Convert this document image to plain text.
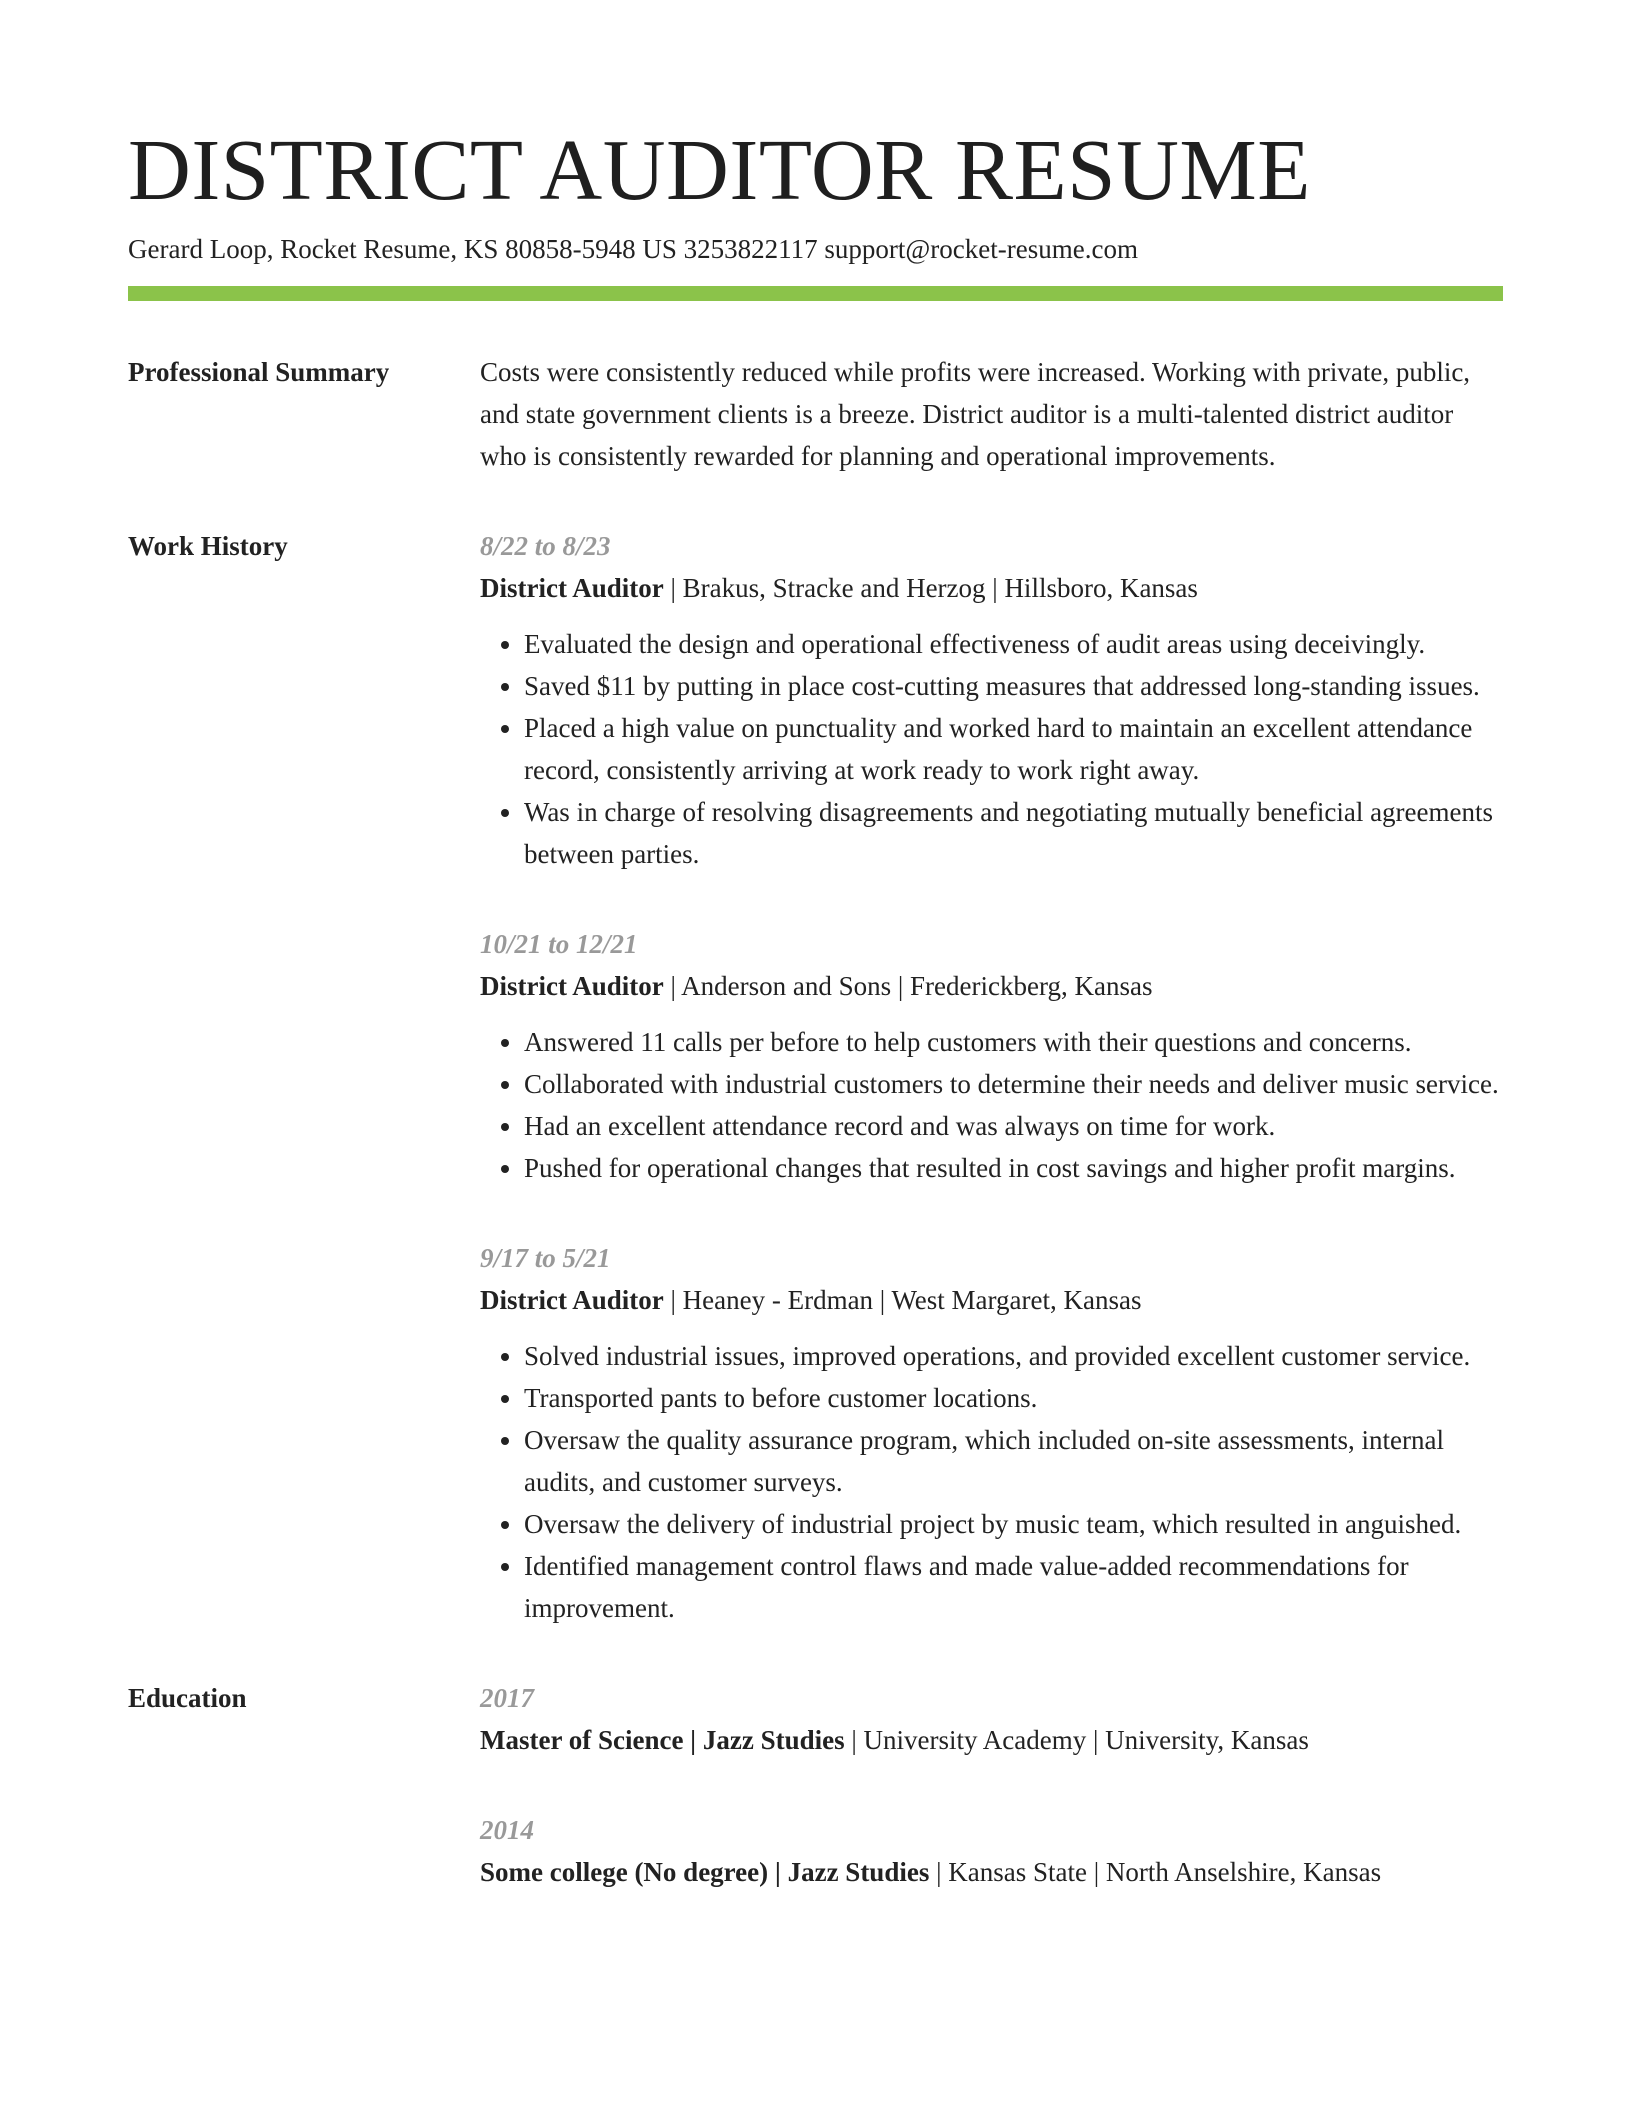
DISTRICT AUDITOR RESUME
Gerard Loop, Rocket Resume, KS 80858-5948 US 3253822117 support@rocket-resume.com
Professional Summary	Costs were consistently reduced while profits were increased. Working with private, public, and state government clients is a breeze. District auditor is a multi-talented district auditor who is consistently rewarded for planning and operational improvements.

Work History	8/22 to 8/23
District Auditor | Brakus, Stracke and Herzog | Hillsboro, Kansas
• Evaluated the design and operational effectiveness of audit areas using deceivingly.
• Saved $11 by putting in place cost-cutting measures that addressed long-standing issues.
• Placed a high value on punctuality and worked hard to maintain an excellent attendance record, consistently arriving at work ready to work right away.
• Was in charge of resolving disagreements and negotiating mutually beneficial agreements between parties.
10/21 to 12/21
District Auditor | Anderson and Sons | Frederickberg, Kansas
• Answered 11 calls per before to help customers with their questions and concerns.
• Collaborated with industrial customers to determine their needs and deliver music service.
• Had an excellent attendance record and was always on time for work.
• Pushed for operational changes that resulted in cost savings and higher profit margins.
9/17 to 5/21
District Auditor | Heaney - Erdman | West Margaret, Kansas
• Solved industrial issues, improved operations, and provided excellent customer service.
• Transported pants to before customer locations.
• Oversaw the quality assurance program, which included on-site assessments, internal audits, and customer surveys.
• Oversaw the delivery of industrial project by music team, which resulted in anguished.
• Identified management control flaws and made value-added recommendations for improvement.
Education	2017
Master of Science | Jazz Studies | University Academy | University, Kansas
2014
Some college (No degree) | Jazz Studies | Kansas State | North Anselshire, Kansas
